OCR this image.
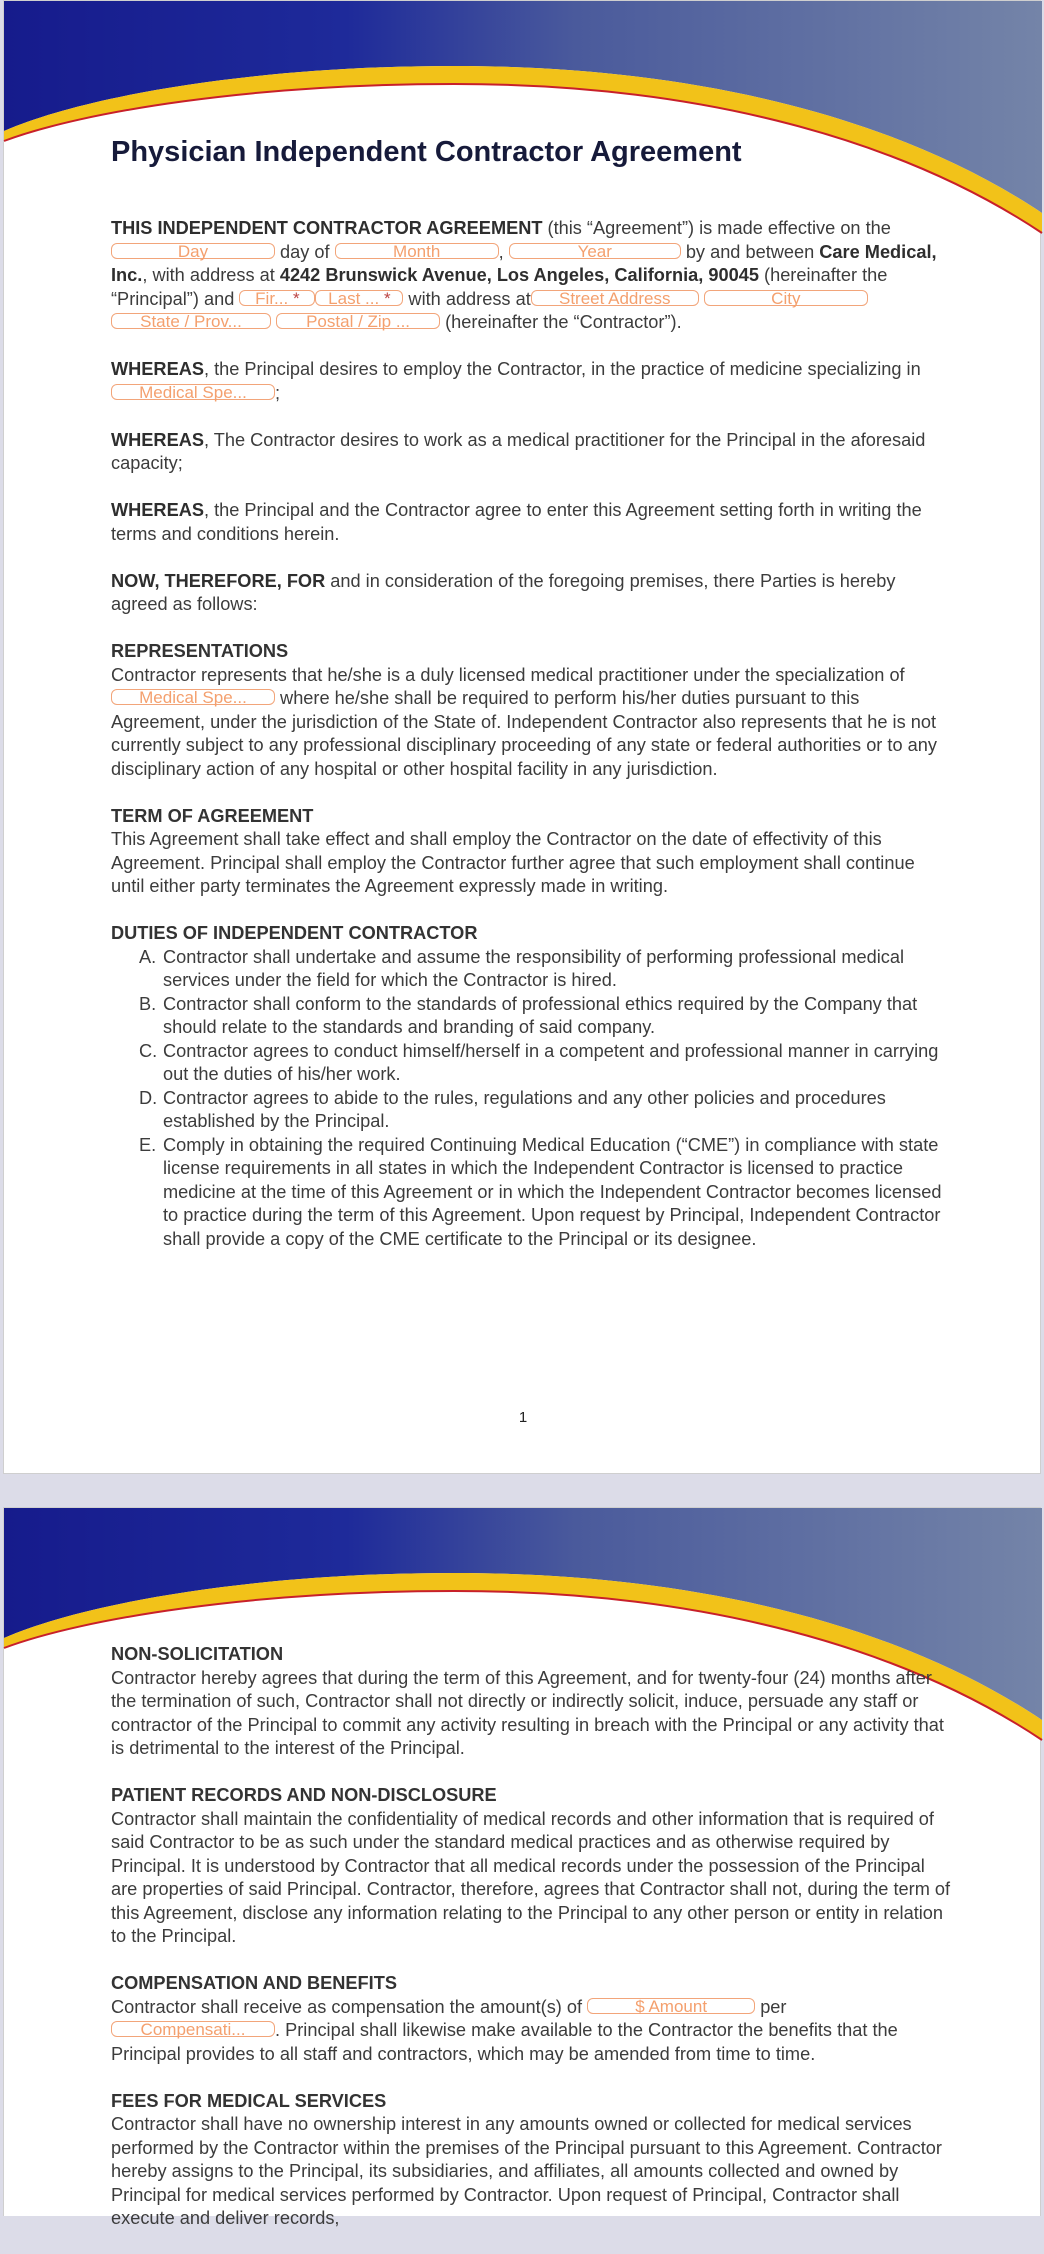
Physician Independent Contractor Agreement

THIS INDEPENDENT CONTRACTOR AGREEMENT (this “Agreement”) is made effective on the Day	day of	Month	,	Year	by and between Care Medical, Inc., with address at 4242 Brunswick Avenue, Los Angeles, California, 90045 (hereinafter the “Principal”) and Fir... * Last ... * with address at Street Address	City State / Prov...	Postal / Zip ... (hereinafter the “Contractor”).

WHEREAS, the Principal desires to employ the Contractor, in the practice of medicine specializing in Medical Spe... ;

WHEREAS, The Contractor desires to work as a medical practitioner for the Principal in the aforesaid capacity;

WHEREAS, the Principal and the Contractor agree to enter this Agreement setting forth in writing the terms and conditions herein.

NOW, THEREFORE, FOR and in consideration of the foregoing premises, there Parties is hereby agreed as follows:

REPRESENTATIONS
Contractor represents that he/she is a duly licensed medical practitioner under the specialization of Medical Spe... where he/she shall be required to perform his/her duties pursuant to this Agreement, under the jurisdiction of the State of. Independent Contractor also represents that he is not currently subject to any professional disciplinary proceeding of any state or federal authorities or to any disciplinary action of any hospital or other hospital facility in any jurisdiction.

TERM OF AGREEMENT
This Agreement shall take effect and shall employ the Contractor on the date of effectivity of this Agreement. Principal shall employ the Contractor further agree that such employment shall continue until either party terminates the Agreement expressly made in writing.

DUTIES OF INDEPENDENT CONTRACTOR
A. Contractor shall undertake and assume the responsibility of performing professional medical services under the field for which the Contractor is hired.
B. Contractor shall conform to the standards of professional ethics required by the Company that should relate to the standards and branding of said company.
C. Contractor agrees to conduct himself/herself in a competent and professional manner in carrying out the duties of his/her work.
D. Contractor agrees to abide to the rules, regulations and any other policies and procedures established by the Principal.
E. Comply in obtaining the required Continuing Medical Education (“CME”) in compliance with state license requirements in all states in which the Independent Contractor is licensed to practice medicine at the time of this Agreement or in which the Independent Contractor becomes licensed to practice during the term of this Agreement. Upon request by Principal, Independent Contractor shall provide a copy of the CME certificate to the Principal or its designee.
1

NON-SOLICITATION
Contractor hereby agrees that during the term of this Agreement, and for twenty-four (24) months after the termination of such, Contractor shall not directly or indirectly solicit, induce, persuade any staff or contractor of the Principal to commit any activity resulting in breach with the Principal or any activity that is detrimental to the interest of the Principal.

PATIENT RECORDS AND NON-DISCLOSURE
Contractor shall maintain the confidentiality of medical records and other information that is required of said Contractor to be as such under the standard medical practices and as otherwise required by Principal. It is understood by Contractor that all medical records under the possession of the Principal are properties of said Principal. Contractor, therefore, agrees that Contractor shall not, during the term of this Agreement, disclose any information relating to the Principal to any other person or entity in relation to the Principal.

COMPENSATION AND BENEFITS
Contractor shall receive as compensation the amount(s) of	$ Amount	per Compensati... . Principal shall likewise make available to the Contractor the benefits that the Principal provides to all staff and contractors, which may be amended from time to time.

FEES FOR MEDICAL SERVICES
Contractor shall have no ownership interest in any amounts owned or collected for medical services performed by the Contractor within the premises of the Principal pursuant to this Agreement. Contractor hereby assigns to the Principal, its subsidiaries, and affiliates, all amounts collected and owned by Principal for medical services performed by Contractor. Upon request of Principal, Contractor shall execute and deliver records,
